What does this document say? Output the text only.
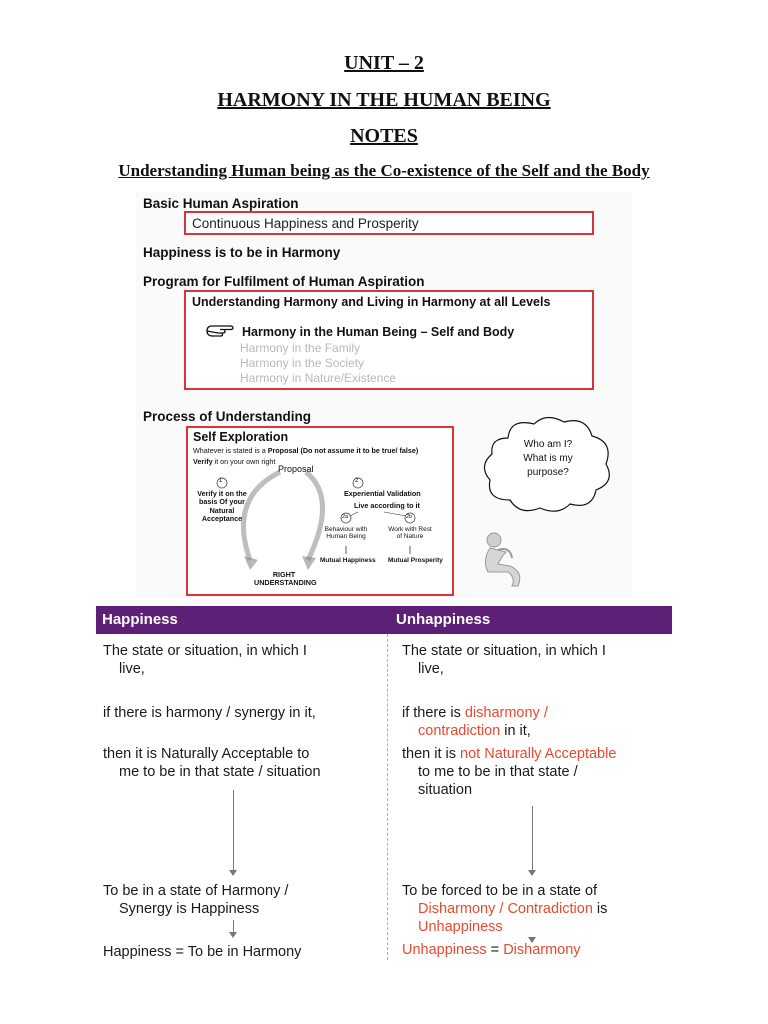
UNIT – 2
HARMONY IN THE HUMAN BEING
NOTES
Understanding Human being as the Co-existence of the Self and the Body
Basic Human Aspiration
Continuous Happiness and Prosperity
Happiness is to be in Harmony
Program for Fulfilment of Human Aspiration
Understanding Harmony and Living in Harmony at all Levels
Harmony in the Human Being – Self and Body
Harmony in the Family
Harmony in the Society
Harmony in Nature/Existence
Process of Understanding
Self Exploration
Whatever is stated is a Proposal (Do not assume it to be true/ false)
Verify it on your own right
Proposal
1
Verify it on the basis Of your Natural Acceptance
2
Experiential Validation
Live according to it
2a	2b
Behaviour with Human Being
Work with Rest of Nature
Mutual Happiness Mutual Prosperity
RIGHT UNDERSTANDING
Who am I?
What is my
purpose?
Happiness	Unhappiness
The state or situation, in which I
live,
if there is harmony / synergy in it,
then it is Naturally Acceptable to
me to be in that state / situation
To be in a state of Harmony /
Synergy is Happiness
Happiness = To be in Harmony
The state or situation, in which I
live,
if there is disharmony /
contradiction in it,
then it is not Naturally Acceptable
to me to be in that state /
situation
To be forced to be in a state of
Disharmony / Contradiction is
Unhappiness
Unhappiness = Disharmony
